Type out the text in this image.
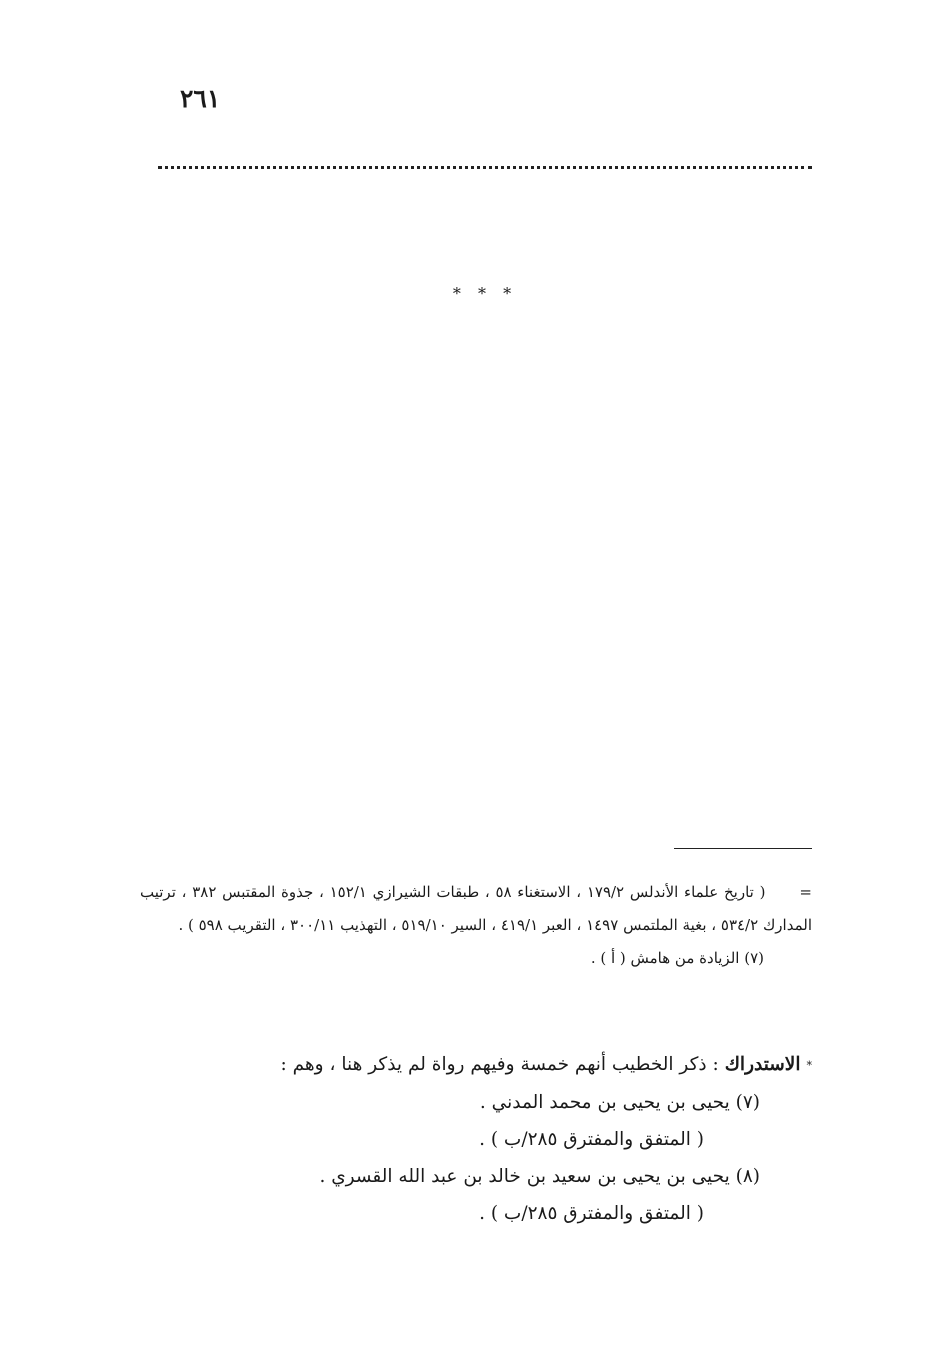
٢٦١
* * *

=( تاريخ علماء الأندلس ١٧٩/٢ ، الاستغناء ٥٨ ، طبقات الشيرازي ١٥٢/١ ، جذوة المقتبس ٣٨٢ ، ترتيب المدارك ٥٣٤/٢ ، بغية الملتمس ١٤٩٧ ، العبر ٤١٩/١ ، السير ٥١٩/١٠ ، التهذيب ٣٠٠/١١ ، التقريب ٥٩٨ ) .

(٧) الزيادة من هامش ( أ ) .

*الاستدراك : ذكر الخطيب أنهم خمسة وفيهم رواة لم يذكر هنا ، وهم :

(٧) يحيى بن يحيى بن محمد المدني .

( المتفق والمفترق ٢٨٥/ب ) .

(٨) يحيى بن يحيى بن سعيد بن خالد بن عبد الله القسري .

( المتفق والمفترق ٢٨٥/ب ) .
